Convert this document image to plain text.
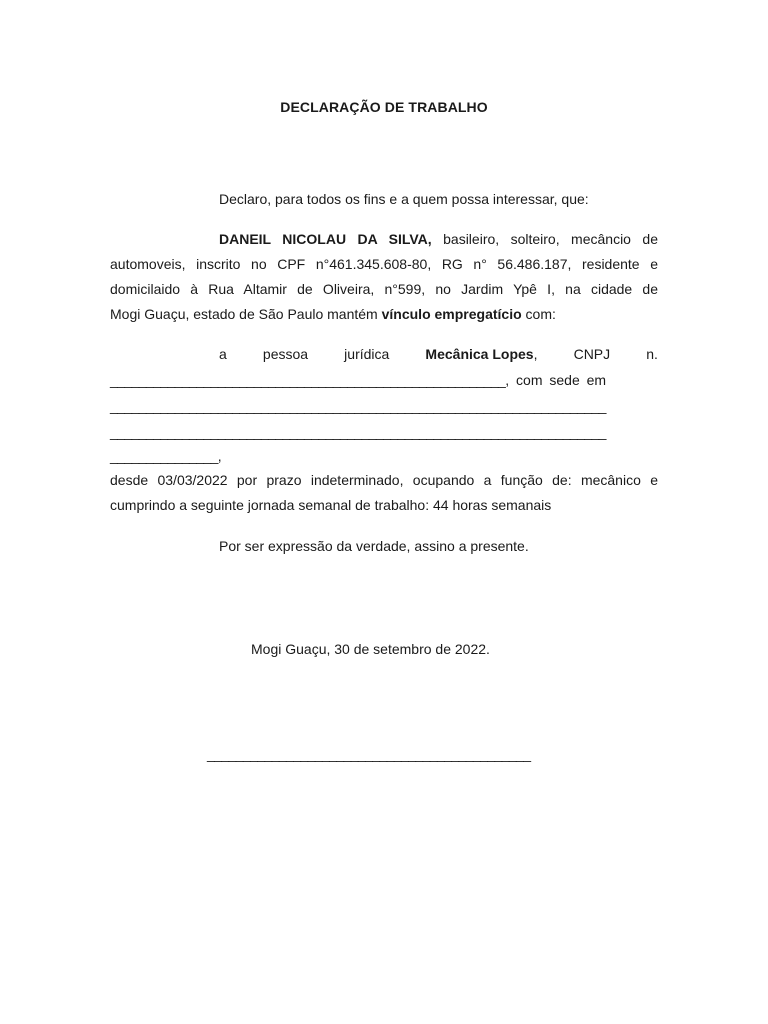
DECLARAÇÃO DE TRABALHO
Declaro, para todos os fins e a quem possa interessar, que:
DANEIL NICOLAU DA SILVA, basileiro, solteiro, mecâncio de
automoveis, inscrito no CPF n°461.345.608-80, RG n° 56.486.187, residente e
domicilaido à Rua Altamir de Oliveira, n°599, no Jardim Ypê I, na cidade de
Mogi Guaçu, estado de São Paulo mantém vínculo empregatício com:
a	pessoa	jurídica	Mecânica Lopes,	CNPJ	n.
_______________________________________________________, com sede em
_____________________________________________________________________
_____________________________________________________________________
_______________,
desde 03/03/2022 por prazo indeterminado, ocupando a função de: mecânico e
cumprindo a seguinte jornada semanal de trabalho: 44 horas semanais
Por ser expressão da verdade, assino a presente.
Mogi Guaçu, 30 de setembro de 2022.
_____________________________________________
